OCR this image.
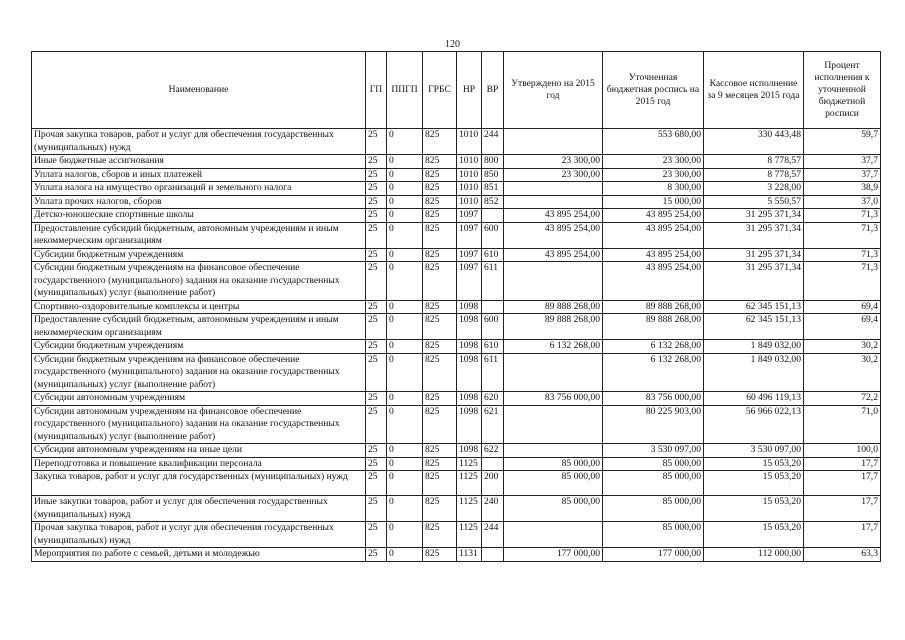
120
Наименование	ГП	ППГП	ГРБС	НР	ВР	Утверждено на 2015 год	Уточненная бюджетная роспись на 2015 год	Кассовое исполнение за 9 месяцев 2015 года	Процент исполнения к уточненной бюджетной росписи
Прочая закупка товаров, работ и услуг для обеспечения государственных (муниципальных) нужд	25	0	825	1010	244		553 680,00	330 443,48	59,7
Иные бюджетные ассигнования	25	0	825	1010	800	23 300,00	23 300,00	8 778,57	37,7
Уплата налогов, сборов и иных платежей	25	0	825	1010	850	23 300,00	23 300,00	8 778,57	37,7
Уплата налога на имущество организаций и земельного налога	25	0	825	1010	851		8 300,00	3 228,00	38,9
Уплата прочих налогов, сборов	25	0	825	1010	852		15 000,00	5 550,57	37,0
Детско-юношеские спортивные школы	25	0	825	1097		43 895 254,00	43 895 254,00	31 295 371,34	71,3
Предоставление субсидий бюджетным, автономным учреждениям и иным некоммерческим организациям	25	0	825	1097	600	43 895 254,00	43 895 254,00	31 295 371,34	71,3
Субсидии бюджетным учреждениям	25	0	825	1097	610	43 895 254,00	43 895 254,00	31 295 371,34	71,3
Субсидии бюджетным учреждениям на финансовое обеспечение государственного (муниципального) задания на оказание государственных (муниципальных) услуг (выполнение работ)	25	0	825	1097	611		43 895 254,00	31 295 371,34	71,3
Спортивно-оздоровительные комплексы и центры	25	0	825	1098		89 888 268,00	89 888 268,00	62 345 151,13	69,4
Предоставление субсидий бюджетным, автономным учреждениям и иным некоммерческим организациям	25	0	825	1098	600	89 888 268,00	89 888 268,00	62 345 151,13	69,4
Субсидии бюджетным учреждениям	25	0	825	1098	610	6 132 268,00	6 132 268,00	1 849 032,00	30,2
Субсидии бюджетным учреждениям на финансовое обеспечение государственного (муниципального) задания на оказание государственных (муниципальных) услуг (выполнение работ)	25	0	825	1098	611		6 132 268,00	1 849 032,00	30,2
Субсидии автономным учреждениям	25	0	825	1098	620	83 756 000,00	83 756 000,00	60 496 119,13	72,2
Субсидии автономным учреждениям на финансовое обеспечение государственного (муниципального) задания на оказание государственных (муниципальных) услуг (выполнение работ)	25	0	825	1098	621		80 225 903,00	56 966 022,13	71,0
Субсидии автономным учреждениям на иные цели	25	0	825	1098	622		3 530 097,00	3 530 097,00	100,0
Переподготовка и повышение квалификации персонала	25	0	825	1125		85 000,00	85 000,00	15 053,20	17,7
Закупка товаров, работ и услуг для государственных (муниципальных) нужд	25	0	825	1125	200	85 000,00	85 000,00	15 053,20	17,7
Иные закупки товаров, работ и услуг для обеспечения государственных (муниципальных) нужд	25	0	825	1125	240	85 000,00	85 000,00	15 053,20	17,7
Прочая закупка товаров, работ и услуг для обеспечения государственных (муниципальных) нужд	25	0	825	1125	244		85 000,00	15 053,20	17,7
Мероприятия по работе с семьей, детьми и молодежью	25	0	825	1131		177 000,00	177 000,00	112 000,00	63,3
